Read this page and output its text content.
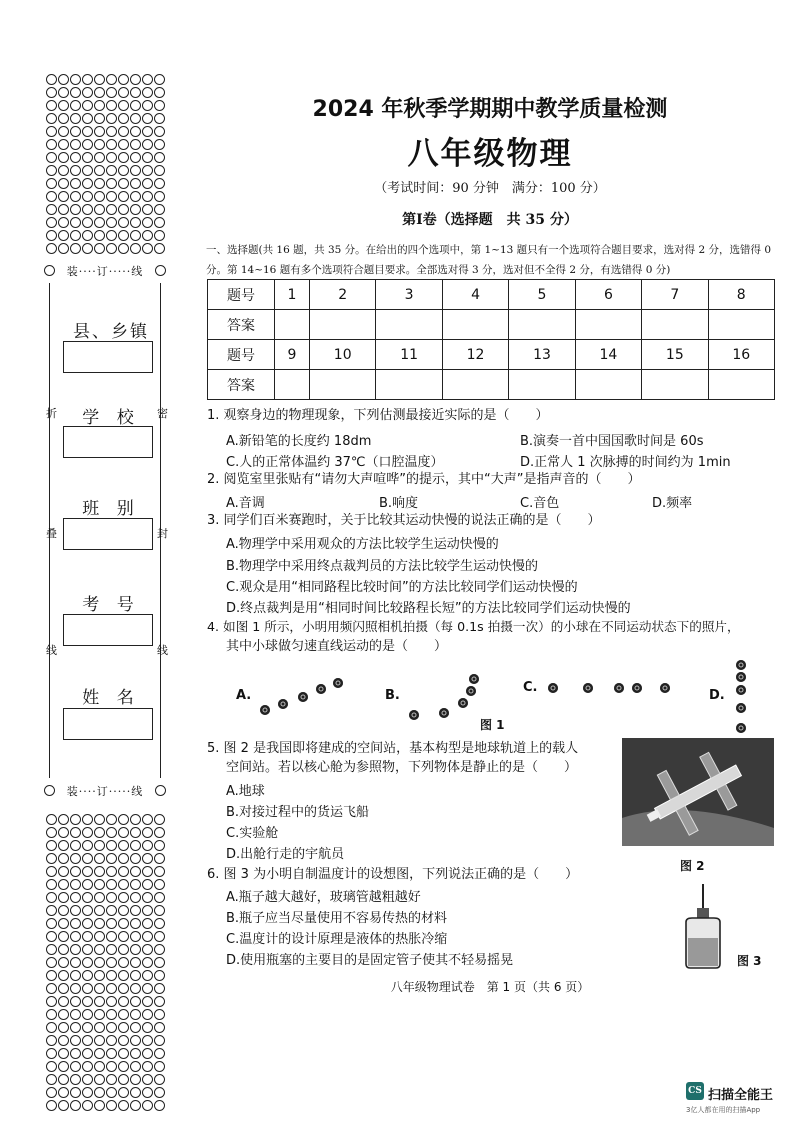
装····订·····线
县、乡镇
学 校
班 别
考 号
姓 名
折
叠
线
密
封
线
装····订·····线
2024 年秋季学期期中教学质量检测
八年级物理
（考试时间：90 分钟　满分：100 分）
第Ⅰ卷（选择题　共 35 分）
一、选择题(共 16 题，共 35 分。在给出的四个选项中，第 1~13 题只有一个选项符合题目要求，选对得 2 分，选错得 0 分。第 14~16 题有多个选项符合题目要求。全部选对得 3 分，选对但不全得 2 分，有选错得 0 分)
题号	1	2	3	4	5	6	7	8
答案								
题号	9	10	11	12	13	14	15	16
答案								
1. 观察身边的物理现象，下列估测最接近实际的是（　　）
A.新铅笔的长度约 18dm	B.演奏一首中国国歌时间是 60s
C.人的正常体温约 37℃（口腔温度）	D.正常人 1 次脉搏的时间约为 1min
2. 阅览室里张贴有“请勿大声喧哗”的提示，其中“大声”是指声音的（　　）
A.音调	B.响度	C.音色	D.频率
3. 同学们百米赛跑时，关于比较其运动快慢的说法正确的是（　　）
A.物理学中采用观众的方法比较学生运动快慢的
B.物理学中采用终点裁判员的方法比较学生运动快慢的
C.观众是用“相同路程比较时间”的方法比较同学们运动快慢的
D.终点裁判是用“相同时间比较路程长短”的方法比较同学们运动快慢的
4. 如图 1 所示，小明用频闪照相机拍摄（每 0.1s 拍摄一次）的小球在不同运动状态下的照片，
其中小球做匀速直线运动的是（　　）
A.	B.
C.
D.
图 1
5. 图 2 是我国即将建成的空间站，基本构型是地球轨道上的载人
空间站。若以核心舱为参照物，下列物体是静止的是（　　）
A.地球
B.对接过程中的货运飞船
C.实验舱
D.出舱行走的宇航员
图 2
6. 图 3 为小明自制温度计的设想图，下列说法正确的是（　　）
A.瓶子越大越好，玻璃管越粗越好
B.瓶子应当尽量使用不容易传热的材料
C.温度计的设计原理是液体的热胀冷缩
D.使用瓶塞的主要目的是固定管子使其不轻易摇晃	图 3
八年级物理试卷　第 1 页（共 6 页）
CS 扫描全能王
3亿人都在用的扫描App
